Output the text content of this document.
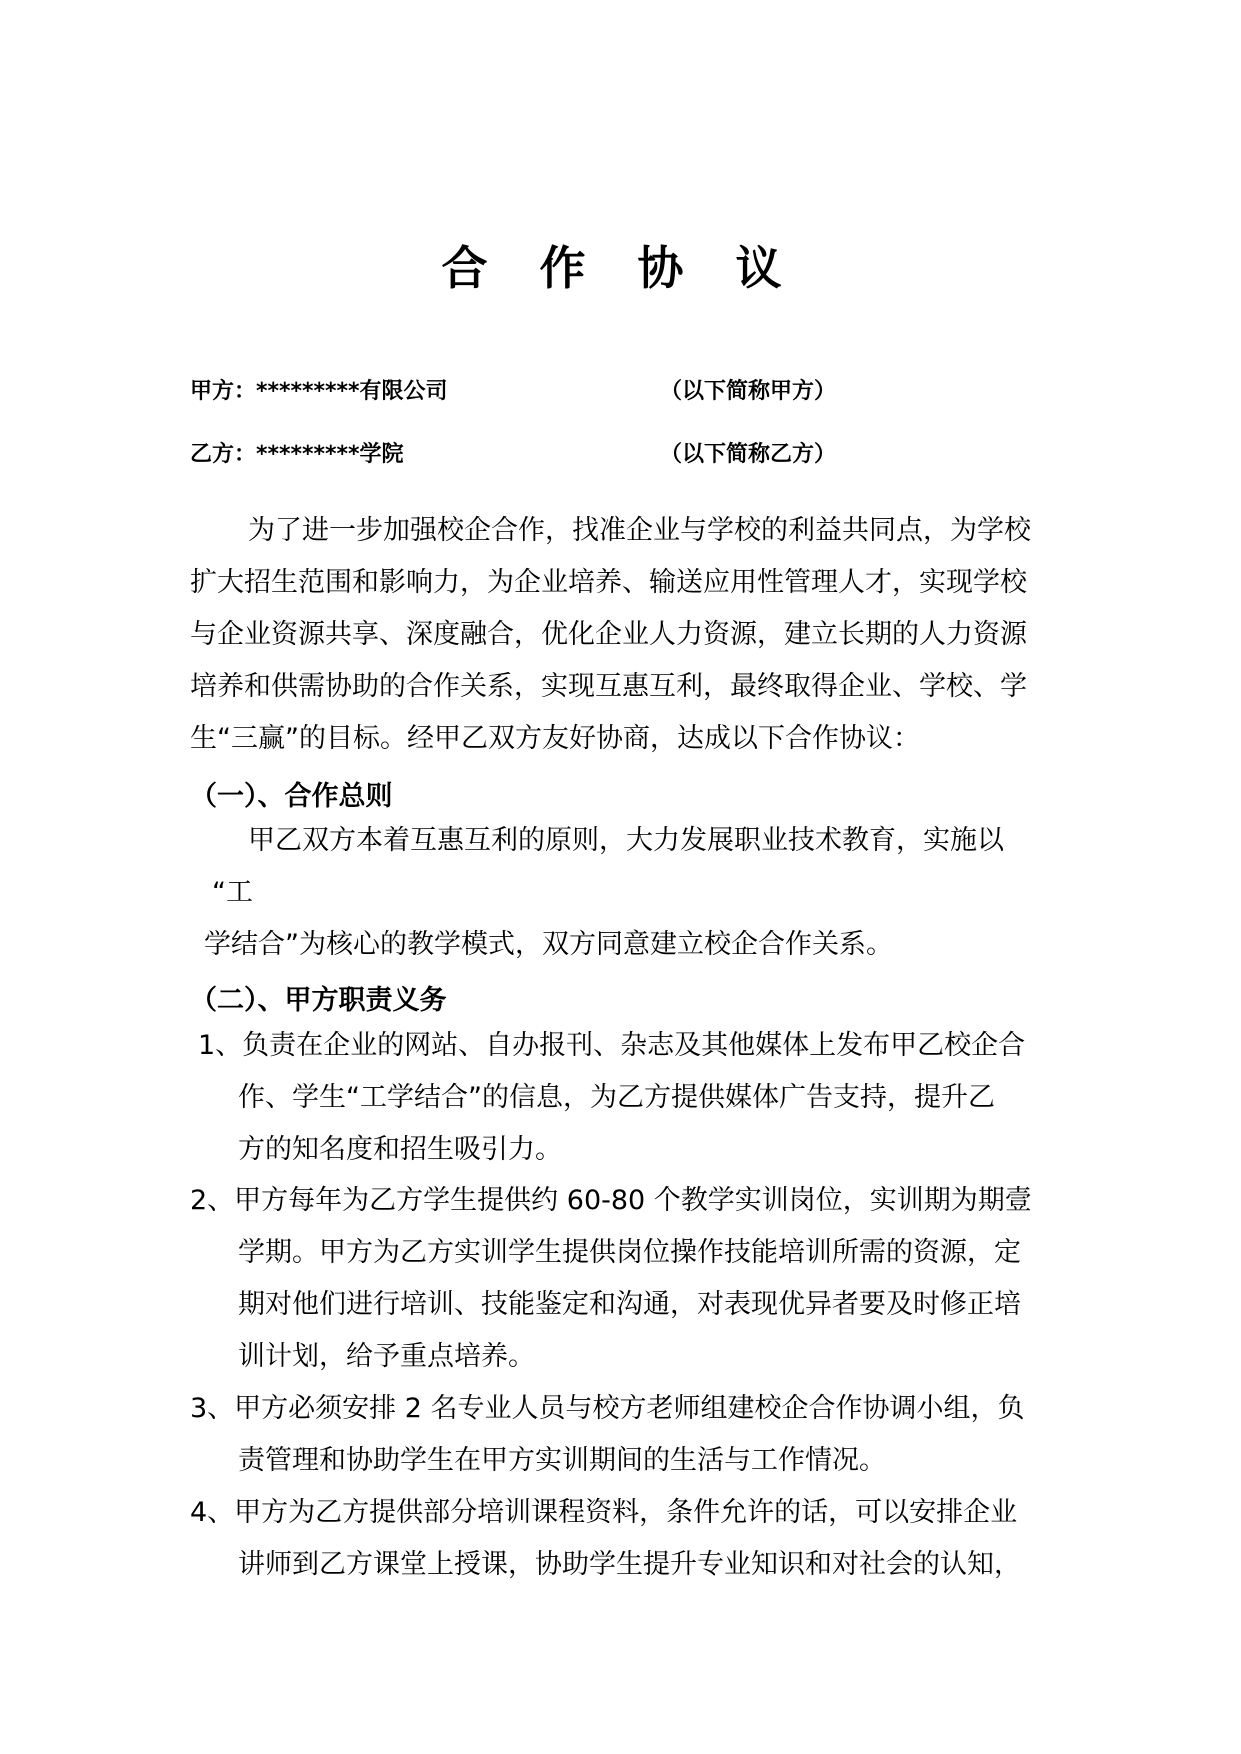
合 作 协 议
甲方：*********有限公司	（以下简称甲方）
乙方：*********学院	（以下简称乙方）
为了进一步加强校企合作，找准企业与学校的利益共同点，为学校
扩大招生范围和影响力，为企业培养、输送应用性管理人才，实现学校
与企业资源共享、深度融合，优化企业人力资源，建立长期的人力资源
培养和供需协助的合作关系，实现互惠互利，最终取得企业、学校、学
生“三赢”的目标。经甲乙双方友好协商，达成以下合作协议：
（一）、合作总则
甲乙双方本着互惠互利的原则，大力发展职业技术教育，实施以
“工
学结合”为核心的教学模式，双方同意建立校企合作关系。
（二）、甲方职责义务
1、负责在企业的网站、自办报刊、杂志及其他媒体上发布甲乙校企合
作、学生“工学结合”的信息，为乙方提供媒体广告支持，提升乙
方的知名度和招生吸引力。
2、甲方每年为乙方学生提供约 60-80 个教学实训岗位，实训期为期壹
学期。甲方为乙方实训学生提供岗位操作技能培训所需的资源，定
期对他们进行培训、技能鉴定和沟通，对表现优异者要及时修正培
训计划，给予重点培养。
3、甲方必须安排 2 名专业人员与校方老师组建校企合作协调小组，负
责管理和协助学生在甲方实训期间的生活与工作情况。
4、甲方为乙方提供部分培训课程资料，条件允许的话，可以安排企业
讲师到乙方课堂上授课，协助学生提升专业知识和对社会的认知，
